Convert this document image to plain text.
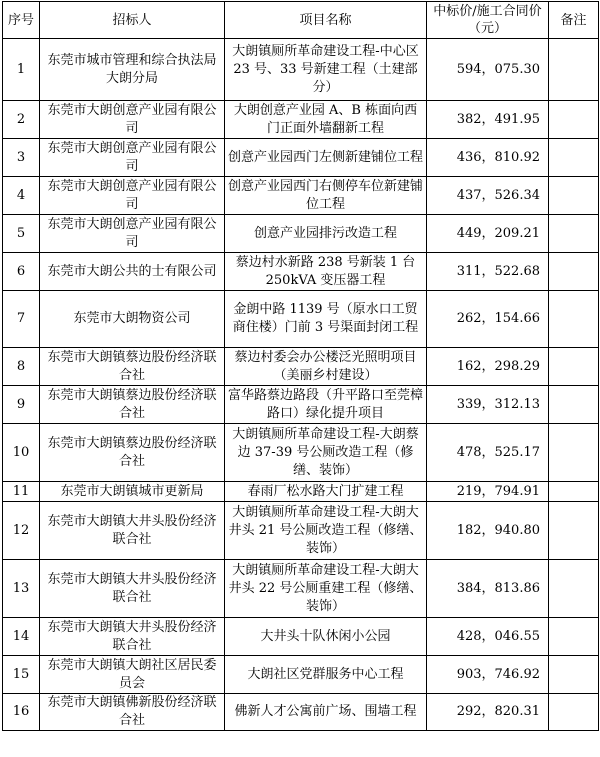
序号	招标人	项目名称	中标价/施工合同价（元）	备注
1	东莞市城市管理和综合执法局大朗分局	大朗镇厕所革命建设工程-中心区 23 号、33 号新建工程（土建部分）	594，075.30	
2	东莞市大朗创意产业园有限公司	大朗创意产业园 A、B 栋面向西门正面外墙翻新工程	382，491.95	
3	东莞市大朗创意产业园有限公司	创意产业园西门左侧新建铺位工程	436，810.92	
4	东莞市大朗创意产业园有限公司	创意产业园西门右侧停车位新建铺位工程	437，526.34	
5	东莞市大朗创意产业园有限公司	创意产业园排污改造工程	449，209.21	
6	东莞市大朗公共的士有限公司	蔡边村水新路 238 号新装 1 台 250kVA 变压器工程	311，522.68	
7	东莞市大朗物资公司	金朗中路 1139 号（原水口工贸商住楼）门前 3 号渠面封闭工程	262，154.66	
8	东莞市大朗镇蔡边股份经济联合社	蔡边村委会办公楼泛光照明项目（美丽乡村建设）	162，298.29	
9	东莞市大朗镇蔡边股份经济联合社	富华路蔡边路段（升平路口至莞樟路口）绿化提升项目	339，312.13	
10	东莞市大朗镇蔡边股份经济联合社	大朗镇厕所革命建设工程-大朗蔡边 37-39 号公厕改造工程（修缮、装饰）	478，525.17	
11	东莞市大朗镇城市更新局	春雨厂松水路大门扩建工程	219，794.91	
12	东莞市大朗镇大井头股份经济联合社	大朗镇厕所革命建设工程-大朗大井头 21 号公厕改造工程（修缮、装饰）	182，940.80	
13	东莞市大朗镇大井头股份经济联合社	大朗镇厕所革命建设工程-大朗大井头 22 号公厕重建工程（修缮、装饰）	384，813.86	
14	东莞市大朗镇大井头股份经济联合社	大井头十队休闲小公园	428，046.55	
15	东莞市大朗镇大朗社区居民委员会	大朗社区党群服务中心工程	903，746.92	
16	东莞市大朗镇佛新股份经济联合社	佛新人才公寓前广场、围墙工程	292，820.31	
